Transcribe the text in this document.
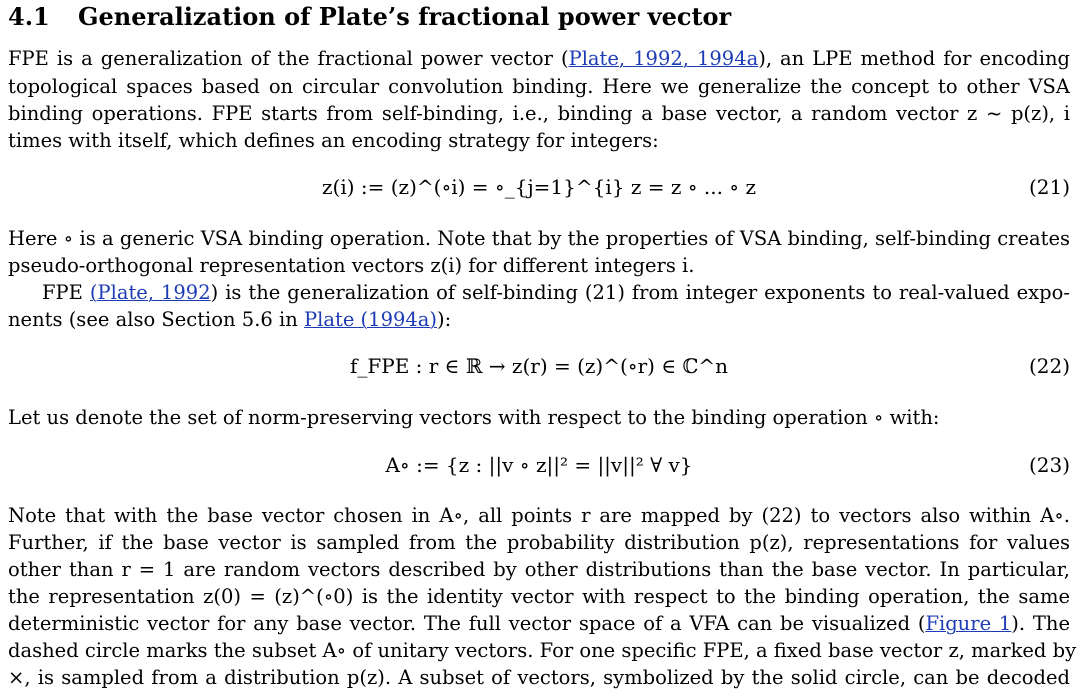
4.1 Generalization of Plate’s fractional power vector
FPE is a generalization of the fractional power vector (Plate, 1992, 1994a), an LPE method for encoding
topological spaces based on circular convolution binding. Here we generalize the concept to other VSA
binding operations. FPE starts from self-binding, i.e., binding a base vector, a random vector z ~ p(z), i
times with itself, which defines an encoding strategy for integers:
z(i) := (z)^(∘i) = ∘_{j=1}^{i} z = z ∘ ... ∘ z	(21)
Here ∘ is a generic VSA binding operation. Note that by the properties of VSA binding, self-binding creates
pseudo-orthogonal representation vectors z(i) for different integers i.
FPE (Plate, 1992) is the generalization of self-binding (21) from integer exponents to real-valued expo-
nents (see also Section 5.6 in Plate (1994a)):
f_FPE : r ∈ ℝ → z(r) = (z)^(∘r) ∈ ℂ^n	(22)
Let us denote the set of norm-preserving vectors with respect to the binding operation ∘ with:
A∘ := {z : ||v ∘ z||² = ||v||² ∀ v}	(23)
Note that with the base vector chosen in A∘, all points r are mapped by (22) to vectors also within A∘.
Further, if the base vector is sampled from the probability distribution p(z), representations for values
other than r = 1 are random vectors described by other distributions than the base vector. In particular,
the representation z(0) = (z)^(∘0) is the identity vector with respect to the binding operation, the same
deterministic vector for any base vector. The full vector space of a VFA can be visualized (Figure 1). The
dashed circle marks the subset A∘ of unitary vectors. For one specific FPE, a fixed base vector z, marked by
×, is sampled from a distribution p(z). A subset of vectors, symbolized by the solid circle, can be decoded
